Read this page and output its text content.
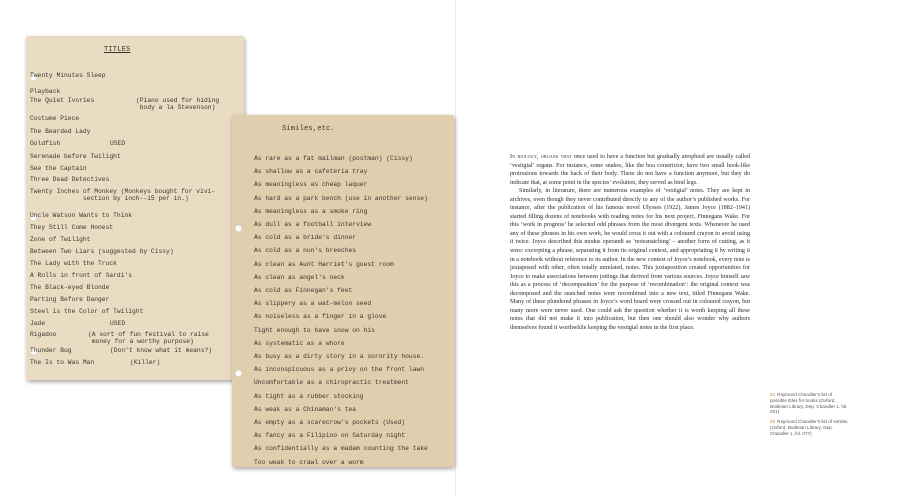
TITLES
Twenty Minutes Sleep
Playback
The Quiet Ivories	(Piano used for hiding
body a la Stevenson)
Costume Piece
The Bearded Lady
Goldfish	USED
Serenade before Twilight
See the Captain
Three Dead Detectives
Twenty Inches of Monkey (Monkeys bought for vivi-
section by inch--15 per in.)
Uncle Watson Wants to Think
They Still Come Honest
Zone of Twilight
Between Two Liars (suggested by Cissy)
The Lady with the Truck
A Rolls in front of Sardi's
The Black-eyed Blonde
Parting Before Danger
Steel is the Color of Twilight
Jade	USED
Rigadoo	(A sort of fun festival to raise
money for a worthy purpose)
Thunder Bug	(Don't know what it means?)
The Is to Was Man	(Killer)
Similes,etc.
As rare as a fat mailman (postman) (Cissy)
As shallow as a cafeteria tray
As meaningless as cheap laquer
As hard as a park bench (use in another sense)
As meaningless as a smoke ring
As dull as a football interview
As cold as a bride's dinner
As cold as a nun's breeches
As clean as Aunt Harriet's guest room
As clean as angel's neck
As cold as Finnegan's feet
As slippery as a wat-melon seed
As noiseless as a finger in a glove
Tight enough to have snow on his
As systematic as a whore
As busy as a dirty story in a sorority house.
As inconspicuous as a privy on the front lawn
Uncomfortable as a chiropractic treatment
As tight as a rubber stocking
As weak as a Chinaman's tea
As empty as a scarecrow's pockets (Used)
As fancy as a Filipino on Saturday night
As confidentially as a madam counting the take
Too weak to crawl over a worm

In biology, organs that once used to have a function but gradually atrophied are usually called ‘vestigial’ organs. For instance, some snakes, like the boa constrictor, have two small hook-like protrusions towards the back of their body. These do not have a function anymore, but they do indicate that, at some point in the species’ evolution, they served as hind legs.

Similarly, in literature, there are numerous examples of ‘vestigial’ notes. They are kept in archives, even though they never contributed directly to any of the author’s published works. For instance, after the publication of his famous novel Ulysses (1922), James Joyce (1882–1941) started filling dozens of notebooks with reading notes for his next project, Finnegans Wake. For this ‘work in progress’ he selected odd phrases from the most divergent texts. Whenever he used any of these phrases in his own work, he would cross it out with a coloured crayon to avoid using it twice. Joyce described this modus operandi as ‘notesnatching’ – another form of cutting, as it were: excerpting a phrase, separating it from its original context, and appropriating it by writing it in a notebook without reference to its author. In the new context of Joyce’s notebook, every note is juxtaposed with other, often totally unrelated, notes. This juxtaposition created opportunities for Joyce to make associations between jottings that derived from various sources. Joyce himself saw this as a process of ‘decomposition’ for the purpose of ‘recombination’: the original context was decomposed and the snatched notes were recombined into a new text, titled Finnegans Wake. Many of these plundered phrases in Joyce’s word hoard were crossed out in coloured crayon, but many more were never used. One could ask the question whether it is worth keeping all these notes that did not make it into publication, but then one should also wonder why authors themselves found it worthwhile keeping the vestigial notes in the first place.

24 Raymond Chandler’s list of possible titles for books (Oxford, Bodleian Library, Dep. Chandler 1, fol. 021)
25 Raymond Chandler’s list of similes (Oxford, Bodleian Library, Dep. Chandler 1, fol. 077)
